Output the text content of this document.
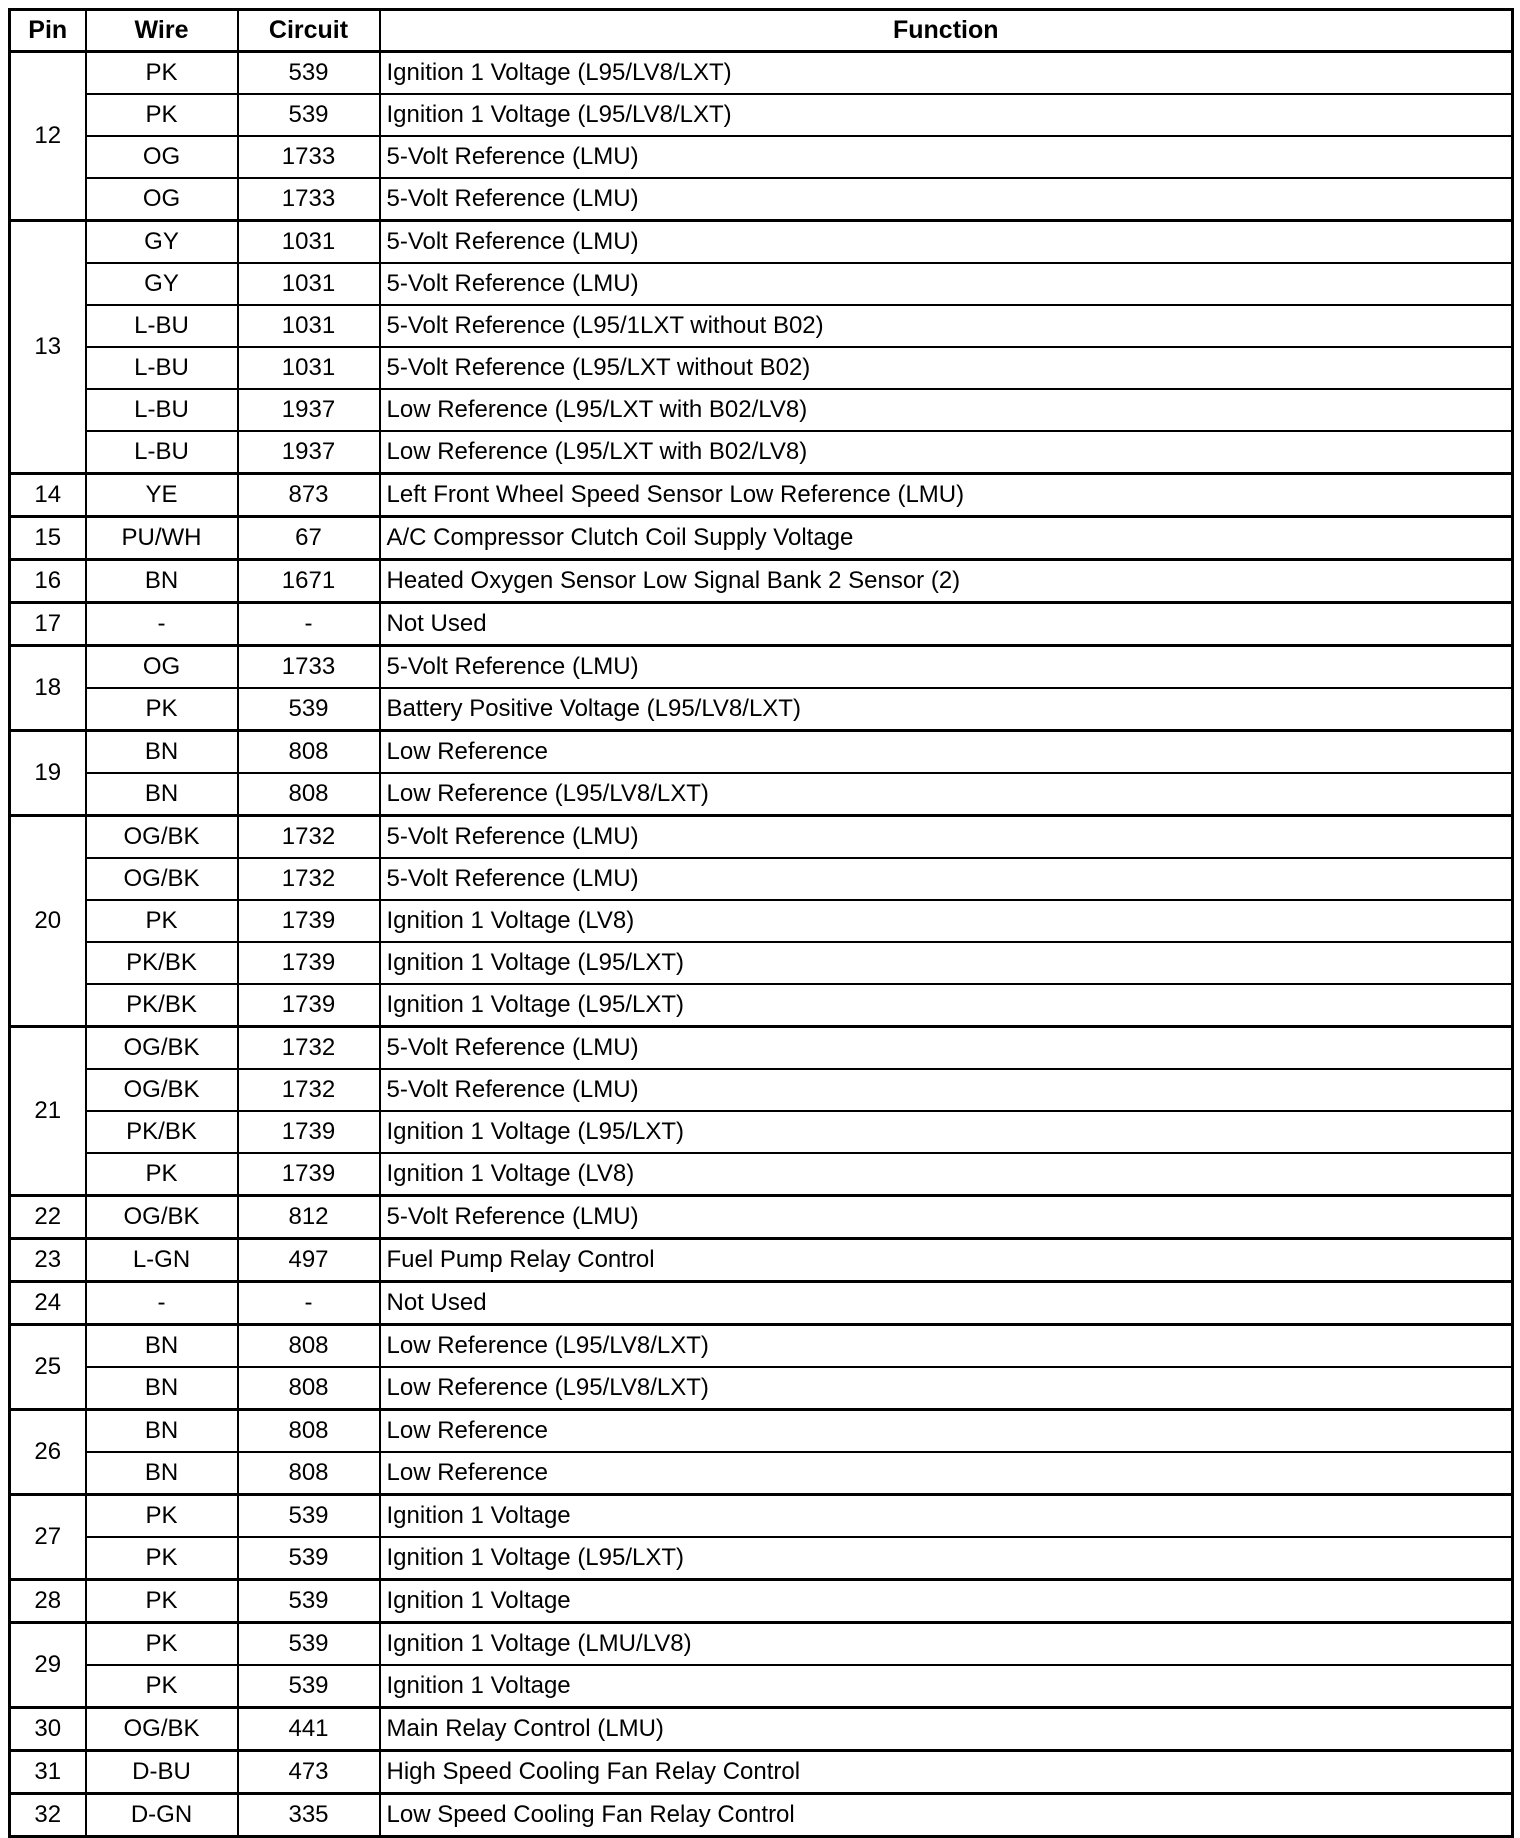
Pin	Wire	Circuit	Function
12	PK	539	Ignition 1 Voltage (L95/LV8/LXT)
	PK	539	Ignition 1 Voltage (L95/LV8/LXT)
	OG	1733	5-Volt Reference (LMU)
	OG	1733	5-Volt Reference (LMU)
13	GY	1031	5-Volt Reference (LMU)
	GY	1031	5-Volt Reference (LMU)
	L-BU	1031	5-Volt Reference (L95/1LXT without B02)
	L-BU	1031	5-Volt Reference (L95/LXT without B02)
	L-BU	1937	Low Reference (L95/LXT with B02/LV8)
	L-BU	1937	Low Reference (L95/LXT with B02/LV8)
14	YE	873	Left Front Wheel Speed Sensor Low Reference (LMU)
15	PU/WH	67	A/C Compressor Clutch Coil Supply Voltage
16	BN	1671	Heated Oxygen Sensor Low Signal Bank 2 Sensor (2)
17	-	-	Not Used
18	OG	1733	5-Volt Reference (LMU)
	PK	539	Battery Positive Voltage (L95/LV8/LXT)
19	BN	808	Low Reference
	BN	808	Low Reference (L95/LV8/LXT)
20	OG/BK	1732	5-Volt Reference (LMU)
	OG/BK	1732	5-Volt Reference (LMU)
	PK	1739	Ignition 1 Voltage (LV8)
	PK/BK	1739	Ignition 1 Voltage (L95/LXT)
	PK/BK	1739	Ignition 1 Voltage (L95/LXT)
21	OG/BK	1732	5-Volt Reference (LMU)
	OG/BK	1732	5-Volt Reference (LMU)
	PK/BK	1739	Ignition 1 Voltage (L95/LXT)
	PK	1739	Ignition 1 Voltage (LV8)
22	OG/BK	812	5-Volt Reference (LMU)
23	L-GN	497	Fuel Pump Relay Control
24	-	-	Not Used
25	BN	808	Low Reference (L95/LV8/LXT)
	BN	808	Low Reference (L95/LV8/LXT)
26	BN	808	Low Reference
	BN	808	Low Reference
27	PK	539	Ignition 1 Voltage
	PK	539	Ignition 1 Voltage (L95/LXT)
28	PK	539	Ignition 1 Voltage
29	PK	539	Ignition 1 Voltage (LMU/LV8)
	PK	539	Ignition 1 Voltage
30	OG/BK	441	Main Relay Control (LMU)
31	D-BU	473	High Speed Cooling Fan Relay Control
32	D-GN	335	Low Speed Cooling Fan Relay Control
